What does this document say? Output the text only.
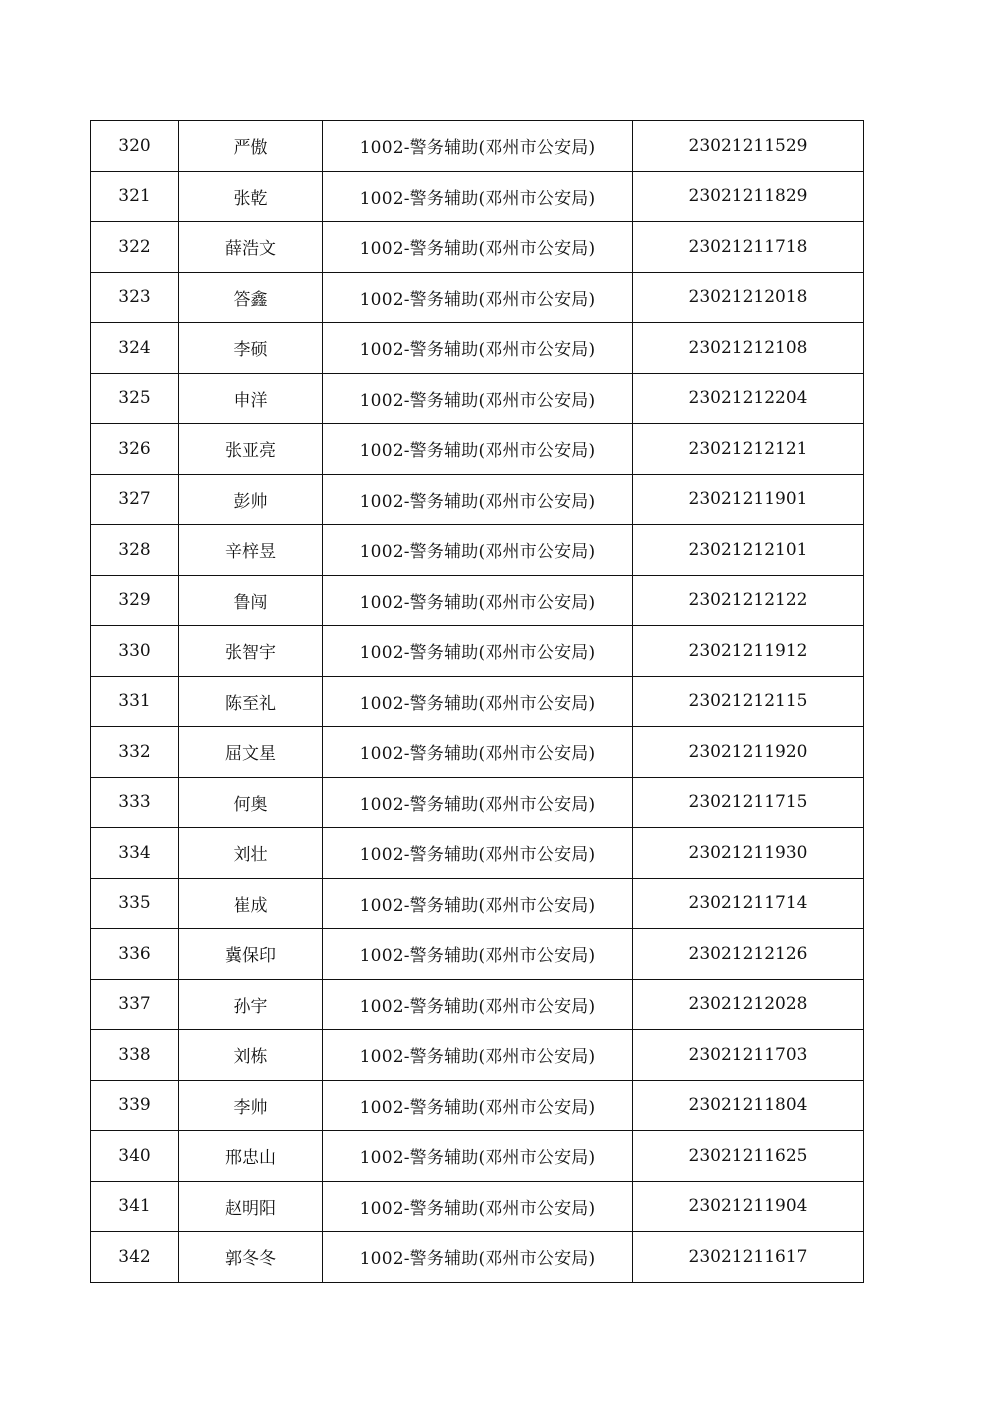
320	严傲	1002-警务辅助(邓州市公安局)	23021211529
321	张乾	1002-警务辅助(邓州市公安局)	23021211829
322	薛浩文	1002-警务辅助(邓州市公安局)	23021211718
323	答鑫	1002-警务辅助(邓州市公安局)	23021212018
324	李硕	1002-警务辅助(邓州市公安局)	23021212108
325	申洋	1002-警务辅助(邓州市公安局)	23021212204
326	张亚亮	1002-警务辅助(邓州市公安局)	23021212121
327	彭帅	1002-警务辅助(邓州市公安局)	23021211901
328	辛梓昱	1002-警务辅助(邓州市公安局)	23021212101
329	鲁闯	1002-警务辅助(邓州市公安局)	23021212122
330	张智宇	1002-警务辅助(邓州市公安局)	23021211912
331	陈至礼	1002-警务辅助(邓州市公安局)	23021212115
332	屈文星	1002-警务辅助(邓州市公安局)	23021211920
333	何奥	1002-警务辅助(邓州市公安局)	23021211715
334	刘壮	1002-警务辅助(邓州市公安局)	23021211930
335	崔成	1002-警务辅助(邓州市公安局)	23021211714
336	冀保印	1002-警务辅助(邓州市公安局)	23021212126
337	孙宇	1002-警务辅助(邓州市公安局)	23021212028
338	刘栋	1002-警务辅助(邓州市公安局)	23021211703
339	李帅	1002-警务辅助(邓州市公安局)	23021211804
340	邢忠山	1002-警务辅助(邓州市公安局)	23021211625
341	赵明阳	1002-警务辅助(邓州市公安局)	23021211904
342	郭冬冬	1002-警务辅助(邓州市公安局)	23021211617
